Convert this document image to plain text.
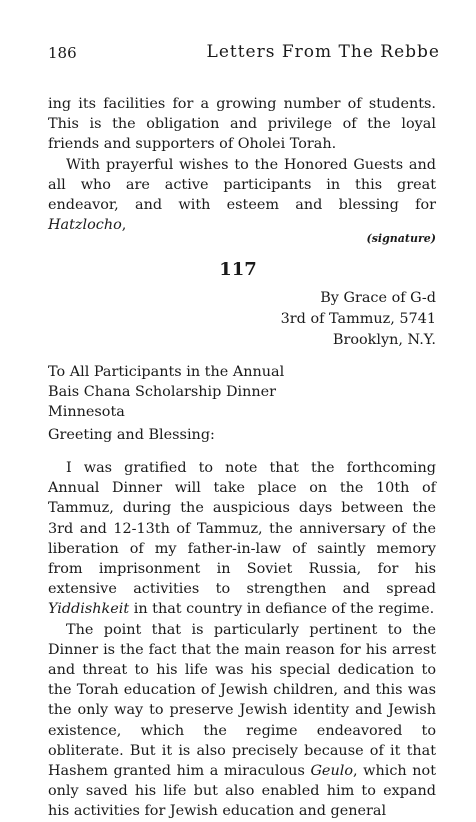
186	Letters From The Rebbe

ing its facilities for a growing number of students. This is the obligation and privilege of the loyal friends and supporters of Oholei Torah.

With prayerful wishes to the Honored Guests and all who are active participants in this great endeavor, and with esteem and blessing for Hatzlocho,

(signature)
117
By Grace of G-d
3rd of Tammuz, 5741
Brooklyn, N.Y.
To All Participants in the Annual
Bais Chana Scholarship Dinner
Minnesota
Greeting and Blessing:

I was gratified to note that the forthcoming Annual Dinner will take place on the 10th of Tammuz, during the auspicious days between the 3rd and 12-13th of Tammuz, the anniversary of the liberation of my father-in-law of saintly memory from imprisonment in Soviet Russia, for his extensive activities to strengthen and spread Yiddishkeit in that country in defiance of the regime.

The point that is particularly pertinent to the Dinner is the fact that the main reason for his arrest and threat to his life was his special dedication to the Torah education of Jewish children, and this was the only way to preserve Jewish identity and Jewish existence, which the regime endeavored to obliterate. But it is also precisely because of it that Hashem granted him a miraculous Geulo, which not only saved his life but also enabled him to expand his activities for Jewish education and general
